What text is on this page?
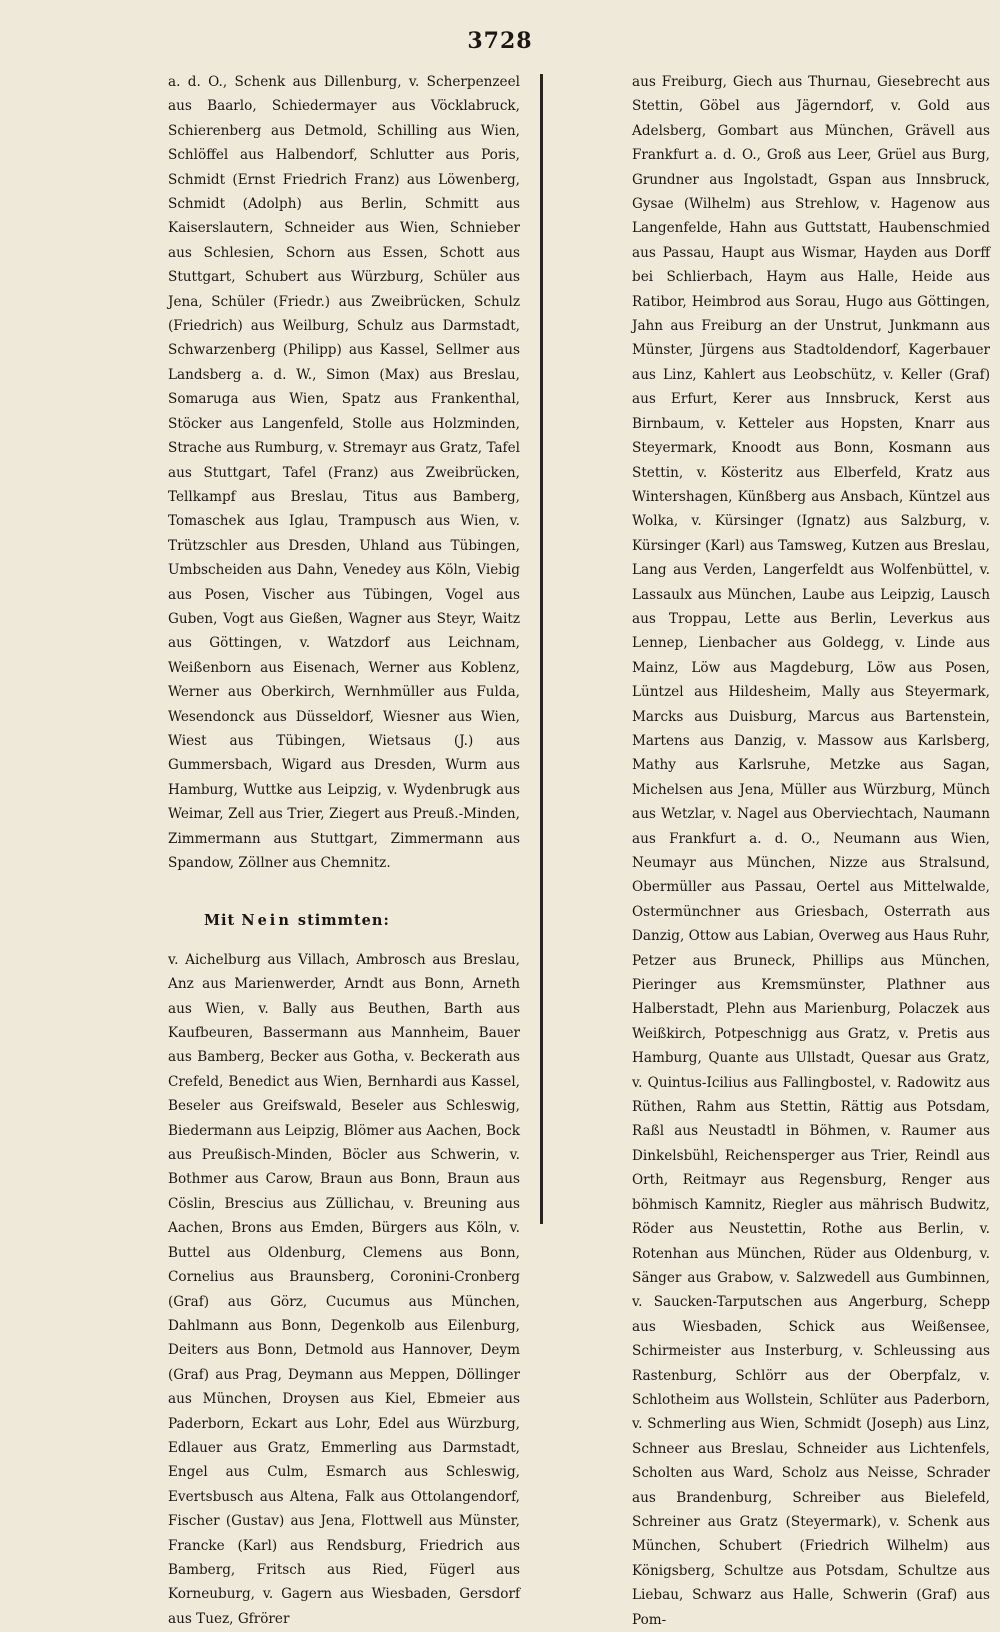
3728

a. d. O., Schenk aus Dillenburg, v. Scherpenzeel aus Baarlo, Schiedermayer aus Vöcklabruck, Schierenberg aus Detmold, Schilling aus Wien, Schlöffel aus Halbendorf, Schlutter aus Poris, Schmidt (Ernst Friedrich Franz) aus Löwenberg, Schmidt (Adolph) aus Berlin, Schmitt aus Kaiserslautern, Schneider aus Wien, Schnieber aus Schlesien, Schorn aus Essen, Schott aus Stuttgart, Schubert aus Würzburg, Schüler aus Jena, Schüler (Friedr.) aus Zweibrücken, Schulz (Friedrich) aus Weilburg, Schulz aus Darmstadt, Schwarzenberg (Philipp) aus Kassel, Sellmer aus Landsberg a. d. W., Simon (Max) aus Breslau, Somaruga aus Wien, Spatz aus Frankenthal, Stöcker aus Langenfeld, Stolle aus Holzminden, Strache aus Rumburg, v. Stremayr aus Gratz, Tafel aus Stuttgart, Tafel (Franz) aus Zweibrücken, Tellkampf aus Breslau, Titus aus Bamberg, Tomaschek aus Iglau, Trampusch aus Wien, v. Trützschler aus Dresden, Uhland aus Tübingen, Umbscheiden aus Dahn, Venedey aus Köln, Viebig aus Posen, Vischer aus Tübingen, Vogel aus Guben, Vogt aus Gießen, Wagner aus Steyr, Waitz aus Göttingen, v. Watzdorf aus Leichnam, Weißenborn aus Eisenach, Werner aus Koblenz, Werner aus Oberkirch, Wernhmüller aus Fulda, Wesendonck aus Düsseldorf, Wiesner aus Wien, Wiest aus Tübingen, Wietsaus (J.) aus Gummersbach, Wigard aus Dresden, Wurm aus Hamburg, Wuttke aus Leipzig, v. Wydenbrugk aus Weimar, Zell aus Trier, Ziegert aus Preuß.-Minden, Zimmermann aus Stuttgart, Zimmermann aus Spandow, Zöllner aus Chemnitz.

Mit Nein stimmten:

v. Aichelburg aus Villach, Ambrosch aus Breslau, Anz aus Marienwerder, Arndt aus Bonn, Arneth aus Wien, v. Bally aus Beuthen, Barth aus Kaufbeuren, Bassermann aus Mannheim, Bauer aus Bamberg, Becker aus Gotha, v. Beckerath aus Crefeld, Benedict aus Wien, Bernhardi aus Kassel, Beseler aus Greifswald, Beseler aus Schleswig, Biedermann aus Leipzig, Blömer aus Aachen, Bock aus Preußisch-Minden, Böcler aus Schwerin, v. Bothmer aus Carow, Braun aus Bonn, Braun aus Cöslin, Brescius aus Züllichau, v. Breuning aus Aachen, Brons aus Emden, Bürgers aus Köln, v. Buttel aus Oldenburg, Clemens aus Bonn, Cornelius aus Braunsberg, Coronini-Cronberg (Graf) aus Görz, Cucumus aus München, Dahlmann aus Bonn, Degenkolb aus Eilenburg, Deiters aus Bonn, Detmold aus Hannover, Deym (Graf) aus Prag, Deymann aus Meppen, Döllinger aus München, Droysen aus Kiel, Ebmeier aus Paderborn, Eckart aus Lohr, Edel aus Würzburg, Edlauer aus Gratz, Emmerling aus Darmstadt, Engel aus Culm, Esmarch aus Schleswig, Evertsbusch aus Altena, Falk aus Ottolangendorf, Fischer (Gustav) aus Jena, Flottwell aus Münster, Francke (Karl) aus Rendsburg, Friedrich aus Bamberg, Fritsch aus Ried, Fügerl aus Korneuburg, v. Gagern aus Wiesbaden, Gersdorf aus Tuez, Gfrörer

aus Freiburg, Giech aus Thurnau, Giesebrecht aus Stettin, Göbel aus Jägerndorf, v. Gold aus Adelsberg, Gombart aus München, Grävell aus Frankfurt a. d. O., Groß aus Leer, Grüel aus Burg, Grundner aus Ingolstadt, Gspan aus Innsbruck, Gysae (Wilhelm) aus Strehlow, v. Hagenow aus Langenfelde, Hahn aus Guttstatt, Haubenschmied aus Passau, Haupt aus Wismar, Hayden aus Dorff bei Schlierbach, Haym aus Halle, Heide aus Ratibor, Heimbrod aus Sorau, Hugo aus Göttingen, Jahn aus Freiburg an der Unstrut, Junkmann aus Münster, Jürgens aus Stadtoldendorf, Kagerbauer aus Linz, Kahlert aus Leobschütz, v. Keller (Graf) aus Erfurt, Kerer aus Innsbruck, Kerst aus Birnbaum, v. Ketteler aus Hopsten, Knarr aus Steyermark, Knoodt aus Bonn, Kosmann aus Stettin, v. Kösteritz aus Elberfeld, Kratz aus Wintershagen, Künßberg aus Ansbach, Küntzel aus Wolka, v. Kürsinger (Ignatz) aus Salzburg, v. Kürsinger (Karl) aus Tamsweg, Kutzen aus Breslau, Lang aus Verden, Langerfeldt aus Wolfenbüttel, v. Lassaulx aus München, Laube aus Leipzig, Lausch aus Troppau, Lette aus Berlin, Leverkus aus Lennep, Lienbacher aus Goldegg, v. Linde aus Mainz, Löw aus Magdeburg, Löw aus Posen, Lüntzel aus Hildesheim, Mally aus Steyermark, Marcks aus Duisburg, Marcus aus Bartenstein, Martens aus Danzig, v. Massow aus Karlsberg, Mathy aus Karlsruhe, Metzke aus Sagan, Michelsen aus Jena, Müller aus Würzburg, Münch aus Wetzlar, v. Nagel aus Oberviechtach, Naumann aus Frankfurt a. d. O., Neumann aus Wien, Neumayr aus München, Nizze aus Stralsund, Obermüller aus Passau, Oertel aus Mittelwalde, Ostermünchner aus Griesbach, Osterrath aus Danzig, Ottow aus Labian, Overweg aus Haus Ruhr, Petzer aus Bruneck, Phillips aus München, Pieringer aus Kremsmünster, Plathner aus Halberstadt, Plehn aus Marienburg, Polaczek aus Weißkirch, Potpeschnigg aus Gratz, v. Pretis aus Hamburg, Quante aus Ullstadt, Quesar aus Gratz, v. Quintus-Icilius aus Fallingbostel, v. Radowitz aus Rüthen, Rahm aus Stettin, Rättig aus Potsdam, Raßl aus Neustadtl in Böhmen, v. Raumer aus Dinkelsbühl, Reichensperger aus Trier, Reindl aus Orth, Reitmayr aus Regensburg, Renger aus böhmisch Kamnitz, Riegler aus mährisch Budwitz, Röder aus Neustettin, Rothe aus Berlin, v. Rotenhan aus München, Rüder aus Oldenburg, v. Sänger aus Grabow, v. Salzwedell aus Gumbinnen, v. Saucken-Tarputschen aus Angerburg, Schepp aus Wiesbaden, Schick aus Weißensee, Schirmeister aus Insterburg, v. Schleussing aus Rastenburg, Schlörr aus der Oberpfalz, v. Schlotheim aus Wollstein, Schlüter aus Paderborn, v. Schmerling aus Wien, Schmidt (Joseph) aus Linz, Schneer aus Breslau, Schneider aus Lichtenfels, Scholten aus Ward, Scholz aus Neisse, Schrader aus Brandenburg, Schreiber aus Bielefeld, Schreiner aus Gratz (Steyermark), v. Schenk aus München, Schubert (Friedrich Wilhelm) aus Königsberg, Schultze aus Potsdam, Schultze aus Liebau, Schwarz aus Halle, Schwerin (Graf) aus Pom-
